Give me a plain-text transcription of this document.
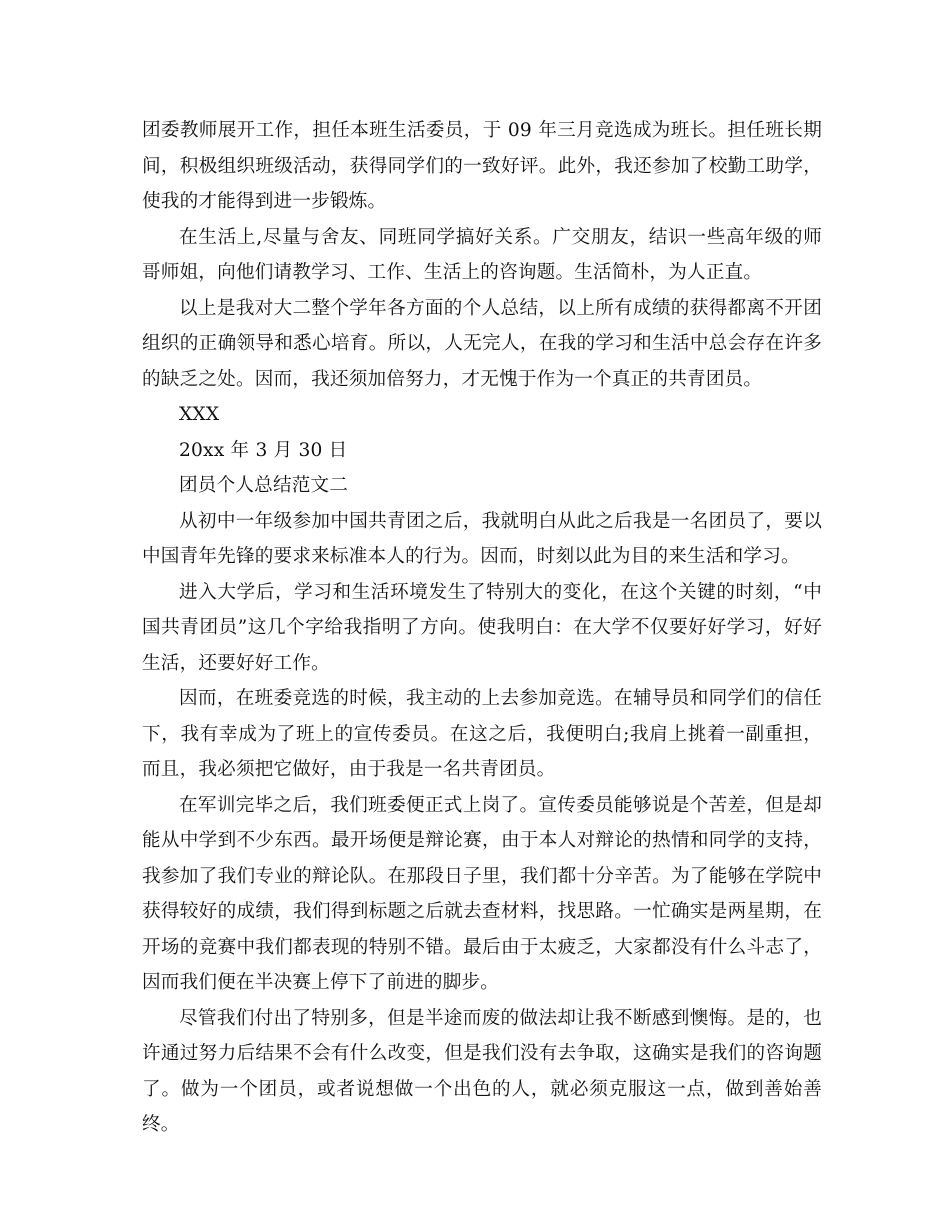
团委教师展开工作，担任本班生活委员，于 09 年三月竞选成为班长。担任班长期间，积极组织班级活动，获得同学们的一致好评。此外，我还参加了校勤工助学，使我的才能得到进一步锻炼。

在生活上,尽量与舍友、同班同学搞好关系。广交朋友，结识一些高年级的师哥师姐，向他们请教学习、工作、生活上的咨询题。生活简朴，为人正直。

以上是我对大二整个学年各方面的个人总结，以上所有成绩的获得都离不开团组织的正确领导和悉心培育。所以，人无完人，在我的学习和生活中总会存在许多的缺乏之处。因而，我还须加倍努力，才无愧于作为一个真正的共青团员。

XXX

20xx 年 3 月 30 日

团员个人总结范文二

从初中一年级参加中国共青团之后，我就明白从此之后我是一名团员了，要以中国青年先锋的要求来标准本人的行为。因而，时刻以此为目的来生活和学习。

进入大学后，学习和生活环境发生了特别大的变化，在这个关键的时刻，“中国共青团员”这几个字给我指明了方向。使我明白：在大学不仅要好好学习，好好生活，还要好好工作。

因而，在班委竞选的时候，我主动的上去参加竞选。在辅导员和同学们的信任下，我有幸成为了班上的宣传委员。在这之后，我便明白;我肩上挑着一副重担，而且，我必须把它做好，由于我是一名共青团员。

在军训完毕之后，我们班委便正式上岗了。宣传委员能够说是个苦差，但是却能从中学到不少东西。最开场便是辩论赛，由于本人对辩论的热情和同学的支持，我参加了我们专业的辩论队。在那段日子里，我们都十分辛苦。为了能够在学院中获得较好的成绩，我们得到标题之后就去查材料，找思路。一忙确实是两星期，在开场的竞赛中我们都表现的特别不错。最后由于太疲乏，大家都没有什么斗志了，因而我们便在半决赛上停下了前进的脚步。

尽管我们付出了特别多，但是半途而废的做法却让我不断感到懊悔。是的，也许通过努力后结果不会有什么改变，但是我们没有去争取，这确实是我们的咨询题了。做为一个团员，或者说想做一个出色的人，就必须克服这一点，做到善始善终。
